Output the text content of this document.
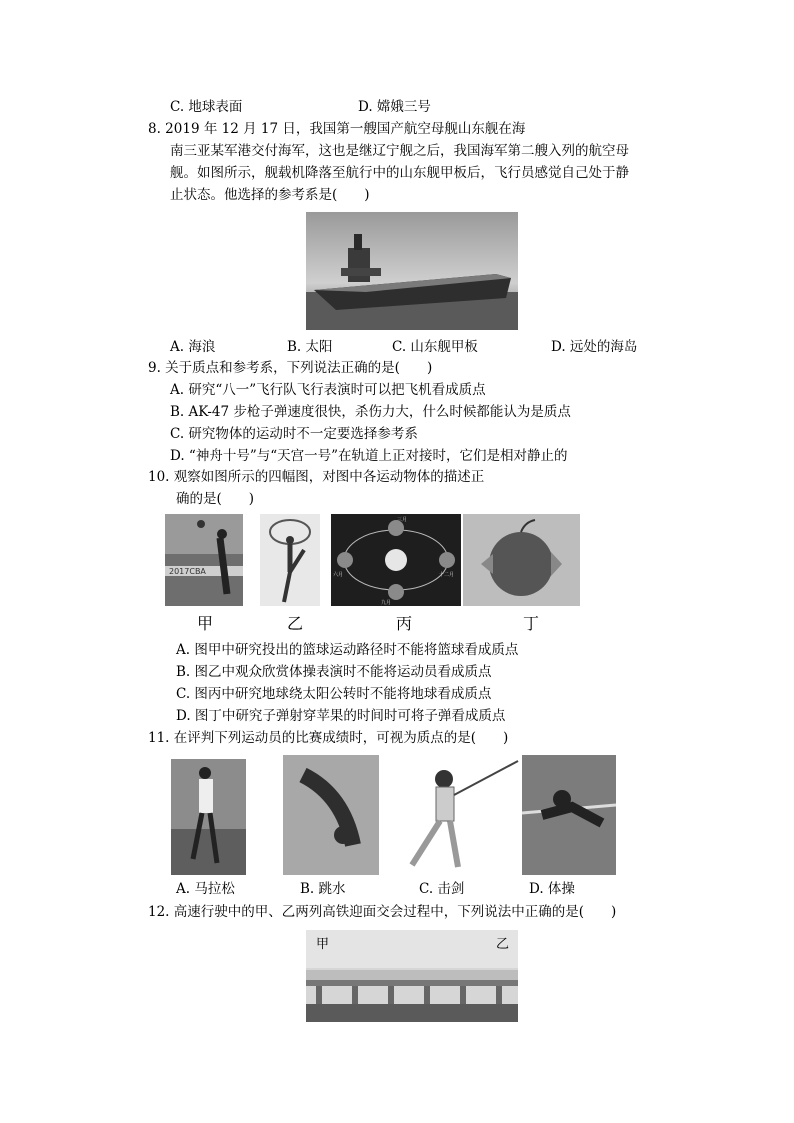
C. 地球表面	D. 嫦娥三号
8. 2019 年 12 月 17 日，我国第一艘国产航空母舰山东舰在海
南三亚某军港交付海军，这也是继辽宁舰之后，我国海军第二艘入列的航空母
舰。如图所示，舰载机降落至航行中的山东舰甲板后，飞行员感觉自己处于静
止状态。他选择的参考系是(　　)
A. 海浪	B. 太阳	C. 山东舰甲板	D. 远处的海岛
9. 关于质点和参考系，下列说法正确的是(　　)
A. 研究“八一”飞行队飞行表演时可以把飞机看成质点
B. AK-47 步枪子弹速度很快，杀伤力大，什么时候都能认为是质点
C. 研究物体的运动时不一定要选择参考系
D. “神舟十号”与“天宫一号”在轨道上正对接时，它们是相对静止的
10. 观察如图所示的四幅图，对图中各运动物体的描述正
确的是(　　)
2017CBA
三月
六月
九月
十二月
甲	乙	丙	丁
A. 图甲中研究投出的篮球运动路径时不能将篮球看成质点
B. 图乙中观众欣赏体操表演时不能将运动员看成质点
C. 图丙中研究地球绕太阳公转时不能将地球看成质点
D. 图丁中研究子弹射穿苹果的时间时可将子弹看成质点
11. 在评判下列运动员的比赛成绩时，可视为质点的是(　　)
A. 马拉松	B. 跳水	C. 击剑	D. 体操
12. 高速行驶中的甲、乙两列高铁迎面交会过程中，下列说法中正确的是(　　)
甲	乙
